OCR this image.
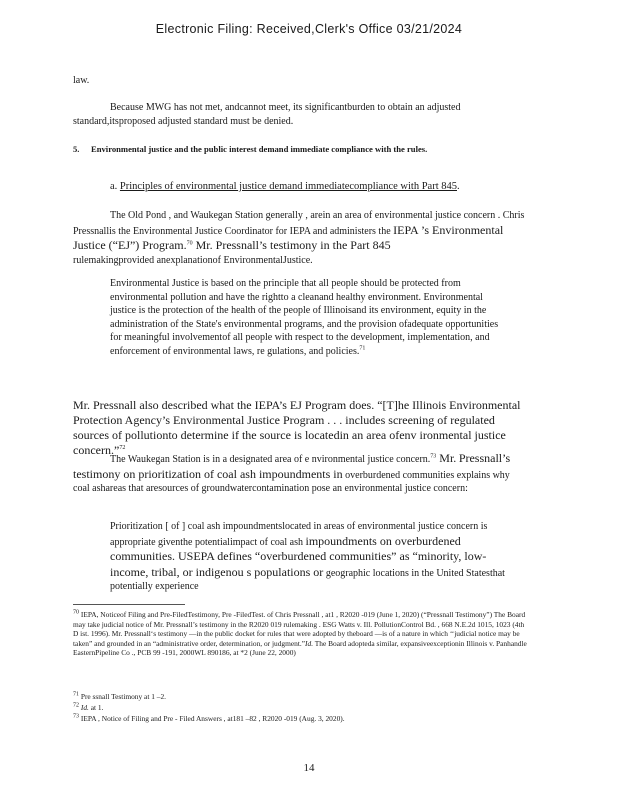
Electronic Filing: Received,Clerk's Office 03/21/2024
law.
Because MWG has not met, andcannot meet, its significantburden to obtain an adjusted standard,itsproposed adjusted standard must be denied.
5. Environmental justice and the public interest demand immediate compliance with the rules.
a. Principles of environmental justice demand immediatecompliance with Part 845.
The Old Pond , and Waukegan Station generally , arein an area of environmental justice concern . Chris Pressnallis the Environmental Justice Coordinator for IEPA and administers the IEPA ’s Environmental Justice (“EJ”) Program.$^{70}$ Mr. Pressnall’s testimony in the Part 845
rulemakingprovided anexplanationof EnvironmentalJustice.
Environmental Justice is based on the principle that all people should be protected from environmental pollution and have the rightto a cleanand healthy environment. Environmental justice is the protection of the health of the people of Illinoisand its environment, equity in the administration of the State's environmental programs, and the provision ofadequate opportunities for meaningful involvementof all people with respect to the development, implementation, and enforcement of environmental laws, re gulations, and policies.$^{71}$
Mr. Pressnall also described what the IEPA’s EJ Program does. “[T]he Illinois Environmental Protection Agency’s Environmental Justice Program . . . includes screening of regulated sources of pollutionto determine if the source is locatedin an area ofenv ironmental justice concern.”$^{72}$
The Waukegan Station is in a designated area of e nvironmental justice concern.$^{73}$ Mr. Pressnall’s testimony on prioritization of coal ash impoundments in overburdened communities explains why coal ashareas that aresources of groundwatercontamination pose an environmental justice concern:
Prioritization [ of ] coal ash impoundmentslocated in areas of environmental justice concern is appropriate giventhe potentialimpact of coal ash impoundments on overburdened communities. USEPA defines “overburdened communities” as “minority, low-income, tribal, or indigenou s populations or geographic locations in the United Statesthat potentially experience
$^{70}$ IEPA, Noticeof Filing and Pre-FiledTestimony, Pre -FiledTest. of Chris Pressnall , at1 , R2020 -019 (June 1, 2020) (“Pressnall Testimony”) The Board may take judicial notice of Mr. Pressnall’s testimony in the R2020 019 rulemaking . ESG Watts v. Ill. PollutionControl Bd. , 668 N.E.2d 1015, 1023 (4th D ist. 1996). Mr. Pressnall‘s testimony —in the public docket for rules that were adopted by theboard —is of a nature in which ‘‘judicial notice may be taken” and grounded in an “administrative order, determination, or judgment.”Id. The Board adopteda similar, expansiveexceptionin Illinois v. Panhandle EasternPipeline Co ., PCB 99 -191, 2000WL 890186, at *2 (June 22, 2000)
$^{71}$ Pre ssnall Testimony at 1 –2.
$^{72}$ Id. at 1.
$^{73}$ IEPA , Notice of Filing and Pre - Filed Answers , at181 –82 , R2020 -019 (Aug. 3, 2020).
14
